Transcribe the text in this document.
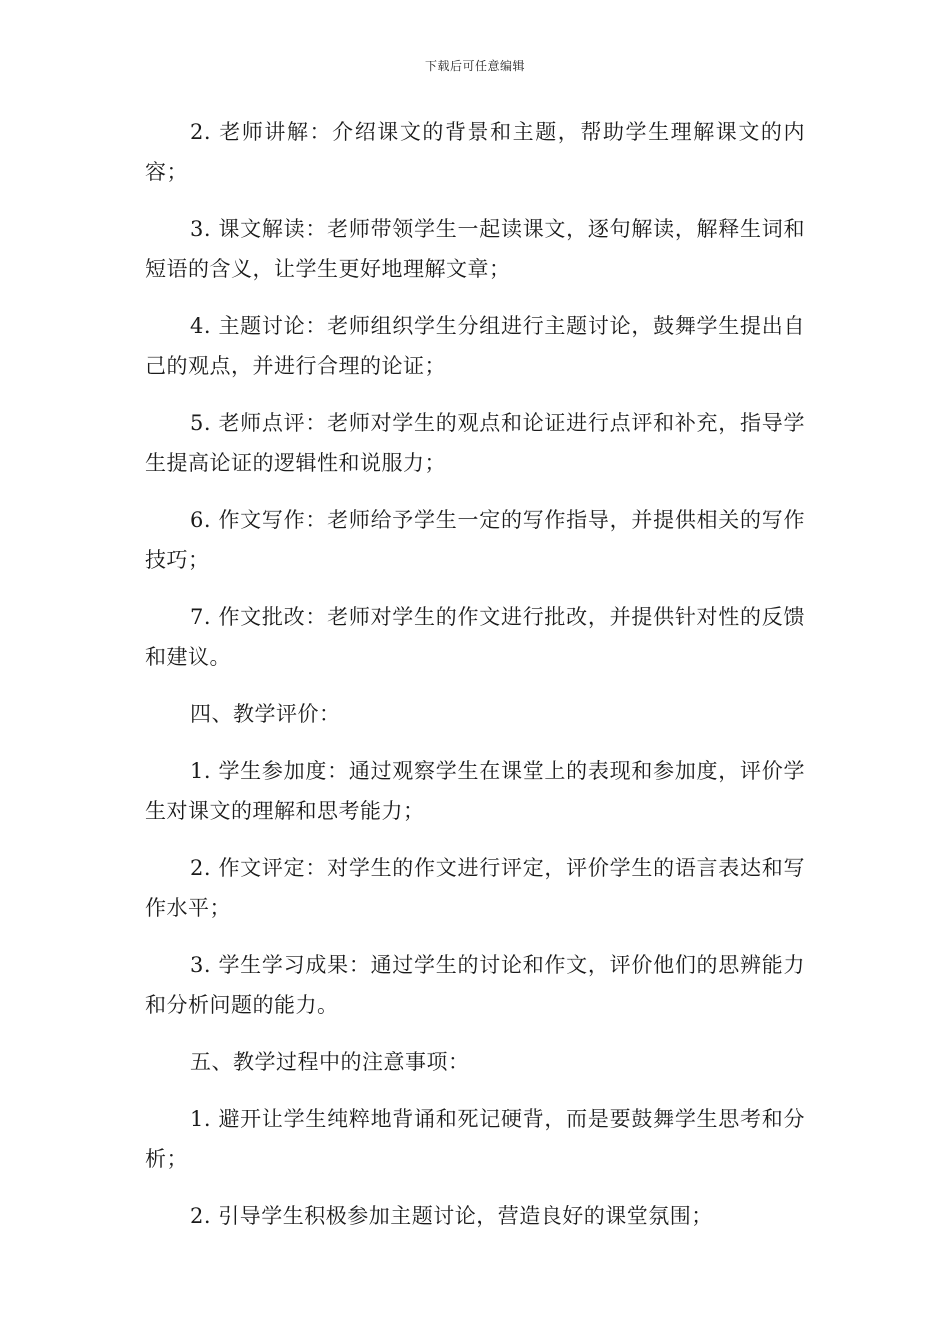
下载后可任意编辑

2. 老师讲解：介绍课文的背景和主题，帮助学生理解课文的内容；

3. 课文解读：老师带领学生一起读课文，逐句解读，解释生词和短语的含义，让学生更好地理解文章；

4. 主题讨论：老师组织学生分组进行主题讨论，鼓舞学生提出自己的观点，并进行合理的论证；

5. 老师点评：老师对学生的观点和论证进行点评和补充，指导学生提高论证的逻辑性和说服力；

6. 作文写作：老师给予学生一定的写作指导，并提供相关的写作技巧；

7. 作文批改：老师对学生的作文进行批改，并提供针对性的反馈和建议。

四、教学评价：

1. 学生参加度：通过观察学生在课堂上的表现和参加度，评价学生对课文的理解和思考能力；

2. 作文评定：对学生的作文进行评定，评价学生的语言表达和写作水平；

3. 学生学习成果：通过学生的讨论和作文，评价他们的思辨能力和分析问题的能力。

五、教学过程中的注意事项：

1. 避开让学生纯粹地背诵和死记硬背，而是要鼓舞学生思考和分析；

2. 引导学生积极参加主题讨论，营造良好的课堂氛围；
